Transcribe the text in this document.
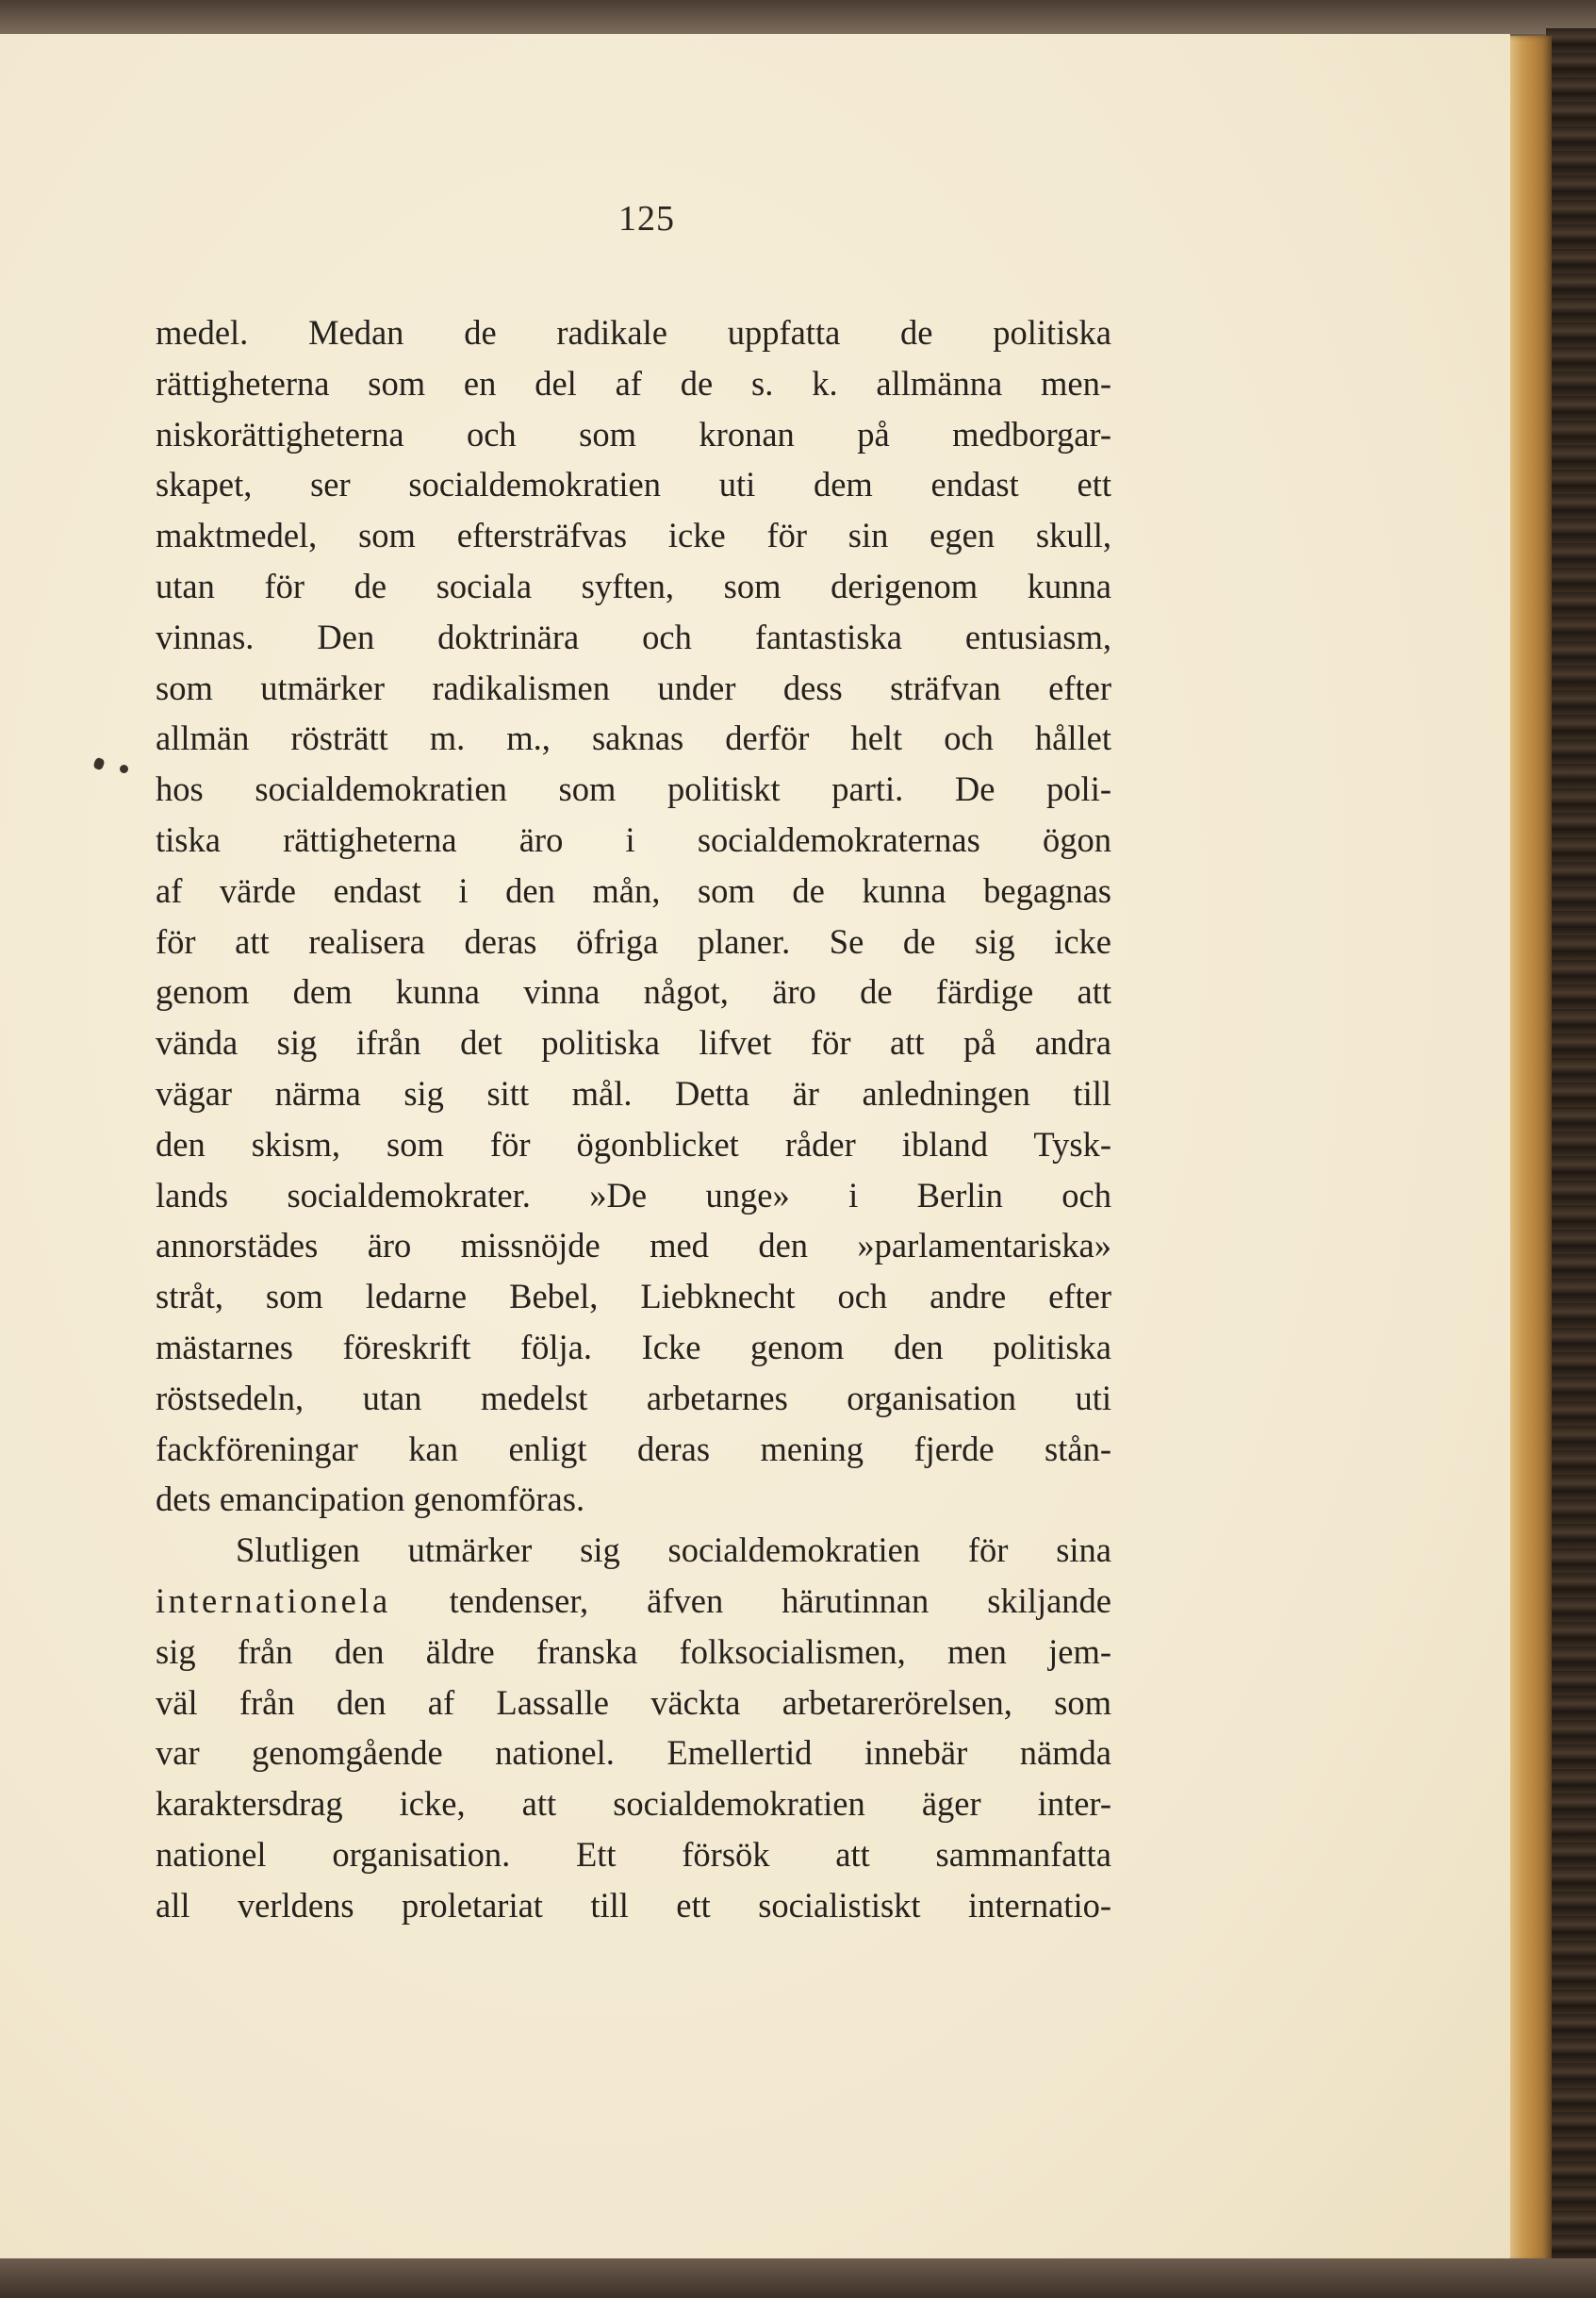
125
medel. Medan de radikale uppfatta de politiska
rättigheterna som en del af de s. k. allmänna men-
niskorättigheterna och som kronan på medborgar-
skapet, ser socialdemokratien uti dem endast ett
maktmedel, som eftersträfvas icke för sin egen skull,
utan för de sociala syften, som derigenom kunna
vinnas. Den doktrinära och fantastiska entusiasm,
som utmärker radikalismen under dess sträfvan efter
allmän rösträtt m. m., saknas derför helt och hållet
hos socialdemokratien som politiskt parti. De poli-
tiska rättigheterna äro i socialdemokraternas ögon
af värde endast i den mån, som de kunna begagnas
för att realisera deras öfriga planer. Se de sig icke
genom dem kunna vinna något, äro de färdige att
vända sig ifrån det politiska lifvet för att på andra
vägar närma sig sitt mål. Detta är anledningen till
den skism, som för ögonblicket råder ibland Tysk-
lands socialdemokrater. »De unge» i Berlin och
annorstädes äro missnöjde med den »parlamentariska»
stråt, som ledarne Bebel, Liebknecht och andre efter
mästarnes föreskrift följa. Icke genom den politiska
röstsedeln, utan medelst arbetarnes organisation uti
fackföreningar kan enligt deras mening fjerde stån-
dets emancipation genomföras.
Slutligen utmärker sig socialdemokratien för sina
internationela tendenser, äfven härutinnan skiljande
sig från den äldre franska folksocialismen, men jem-
väl från den af Lassalle väckta arbetarerörelsen, som
var genomgående nationel. Emellertid innebär nämda
karaktersdrag icke, att socialdemokratien äger inter-
nationel organisation. Ett försök att sammanfatta
all verldens proletariat till ett socialistiskt internatio-
